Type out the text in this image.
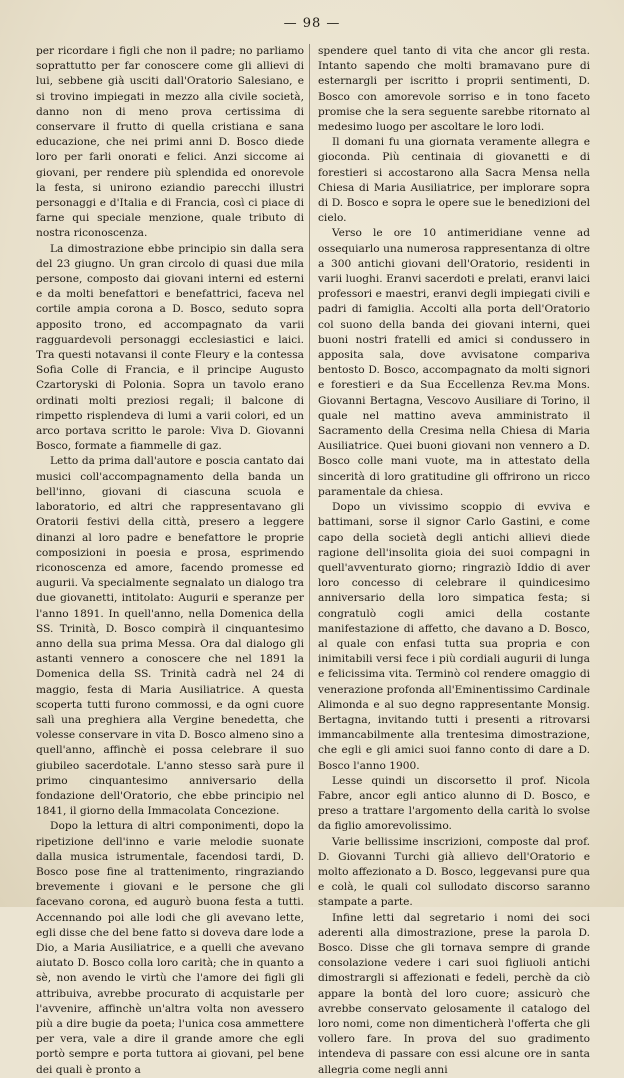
— 98 —

per ricordare i figli che non il padre; no parliamo soprattutto per far conoscere come gli allievi di lui, sebbene già usciti dall'Oratorio Salesiano, e si trovino impiegati in mezzo alla civile società, danno non di meno prova certissima di conservare il frutto di quella cristiana e sana educazione, che nei primi anni D. Bosco diede loro per farli onorati e felici. Anzi siccome ai giovani, per rendere più splendida ed onorevole la festa, si unirono eziandio parecchi illustri personaggi e d'Italia e di Francia, così ci piace di farne qui speciale menzione, quale tributo di nostra riconoscenza.

La dimostrazione ebbe principio sin dalla sera del 23 giugno. Un gran circolo di quasi due mila persone, composto dai giovani interni ed esterni e da molti benefattori e benefattrici, faceva nel cortile ampia corona a D. Bosco, seduto sopra apposito trono, ed accompagnato da varii ragguardevoli personaggi ecclesiastici e laici. Tra questi notavansi il conte Fleury e la contessa Sofia Colle di Francia, e il principe Augusto Czartoryski di Polonia. Sopra un tavolo erano ordinati molti preziosi regali; il balcone di rimpetto risplendeva di lumi a varii colori, ed un arco portava scritto le parole: Viva D. Giovanni Bosco, formate a fiammelle di gaz.

Letto da prima dall'autore e poscia cantato dai musici coll'accompagnamento della banda un bell'inno, giovani di ciascuna scuola e laboratorio, ed altri che rappresentavano gli Oratorii festivi della città, presero a leggere dinanzi al loro padre e benefattore le proprie composizioni in poesia e prosa, esprimendo riconoscenza ed amore, facendo promesse ed augurii. Va specialmente segnalato un dialogo tra due giovanetti, intitolato: Augurii e speranze per l'anno 1891. In quell'anno, nella Domenica della SS. Trinità, D. Bosco compirà il cinquantesimo anno della sua prima Messa. Ora dal dialogo gli astanti vennero a conoscere che nel 1891 la Domenica della SS. Trinità cadrà nel 24 di maggio, festa di Maria Ausiliatrice. A questa scoperta tutti furono commossi, e da ogni cuore salì una preghiera alla Vergine benedetta, che volesse conservare in vita D. Bosco almeno sino a quell'anno, affinchè ei possa celebrare il suo giubileo sacerdotale. L'anno stesso sarà pure il primo cinquantesimo anniversario della fondazione dell'Oratorio, che ebbe principio nel 1841, il giorno della Immacolata Concezione.

Dopo la lettura di altri componimenti, dopo la ripetizione dell'inno e varie melodie suonate dalla musica istrumentale, facendosi tardi, D. Bosco pose fine al trattenimento, ringraziando brevemente i giovani e le persone che gli facevano corona, ed augurò buona festa a tutti. Accennando poi alle lodi che gli avevano lette, egli disse che del bene fatto si doveva dare lode a Dio, a Maria Ausiliatrice, e a quelli che avevano aiutato D. Bosco colla loro carità; che in quanto a sè, non avendo le virtù che l'amore dei figli gli attribuiva, avrebbe procurato di acquistarle per l'avvenire, affinchè un'altra volta non avessero più a dire bugie da poeta; l'unica cosa ammettere per vera, vale a dire il grande amore che egli portò sempre e porta tuttora ai giovani, pel bene dei quali è pronto a

spendere quel tanto di vita che ancor gli resta. Intanto sapendo che molti bramavano pure di esternargli per iscritto i proprii sentimenti, D. Bosco con amorevole sorriso e in tono faceto promise che la sera seguente sarebbe ritornato al medesimo luogo per ascoltare le loro lodi.

Il domani fu una giornata veramente allegra e gioconda. Più centinaia di giovanetti e di forestieri si accostarono alla Sacra Mensa nella Chiesa di Maria Ausiliatrice, per implorare sopra di D. Bosco e sopra le opere sue le benedizioni del cielo.

Verso le ore 10 antimeridiane venne ad ossequiarlo una numerosa rappresentanza di oltre a 300 antichi giovani dell'Oratorio, residenti in varii luoghi. Eranvi sacerdoti e prelati, eranvi laici professori e maestri, eranvi degli impiegati civili e padri di famiglia. Accolti alla porta dell'Oratorio col suono della banda dei giovani interni, quei buoni nostri fratelli ed amici si condussero in apposita sala, dove avvisatone compariva bentosto D. Bosco, accompagnato da molti signori e forestieri e da Sua Eccellenza Rev.ma Mons. Giovanni Bertagna, Vescovo Ausiliare di Torino, il quale nel mattino aveva amministrato il Sacramento della Cresima nella Chiesa di Maria Ausiliatrice. Quei buoni giovani non vennero a D. Bosco colle mani vuote, ma in attestato della sincerità di loro gratitudine gli offrirono un ricco paramentale da chiesa.

Dopo un vivissimo scoppio di evviva e battimani, sorse il signor Carlo Gastini, e come capo della società degli antichi allievi diede ragione dell'insolita gioia dei suoi compagni in quell'avventurato giorno; ringraziò Iddio di aver loro concesso di celebrare il quindicesimo anniversario della loro simpatica festa; si congratulò cogli amici della costante manifestazione di affetto, che davano a D. Bosco, al quale con enfasi tutta sua propria e con inimitabili versi fece i più cordiali augurii di lunga e felicissima vita. Terminò col rendere omaggio di venerazione profonda all'Eminentissimo Cardinale Alimonda e al suo degno rappresentante Monsig. Bertagna, invitando tutti i presenti a ritrovarsi immancabilmente alla trentesima dimostrazione, che egli e gli amici suoi fanno conto di dare a D. Bosco l'anno 1900.

Lesse quindi un discorsetto il prof. Nicola Fabre, ancor egli antico alunno di D. Bosco, e preso a trattare l'argomento della carità lo svolse da figlio amorevolissimo.

Varie bellissime inscrizioni, composte dal prof. D. Giovanni Turchi già allievo dell'Oratorio e molto affezionato a D. Bosco, leggevansi pure qua e colà, le quali col sullodato discorso saranno stampate a parte.

Infine letti dal segretario i nomi dei soci aderenti alla dimostrazione, prese la parola D. Bosco. Disse che gli tornava sempre di grande consolazione vedere i cari suoi figliuoli antichi dimostrargli si affezionati e fedeli, perchè da ciò appare la bontà del loro cuore; assicurò che avrebbe conservato gelosamente il catalogo del loro nomi, come non dimenticherà l'offerta che gli vollero fare. In prova del suo gradimento intendeva di passare con essi alcune ore in santa allegria come negli anni
